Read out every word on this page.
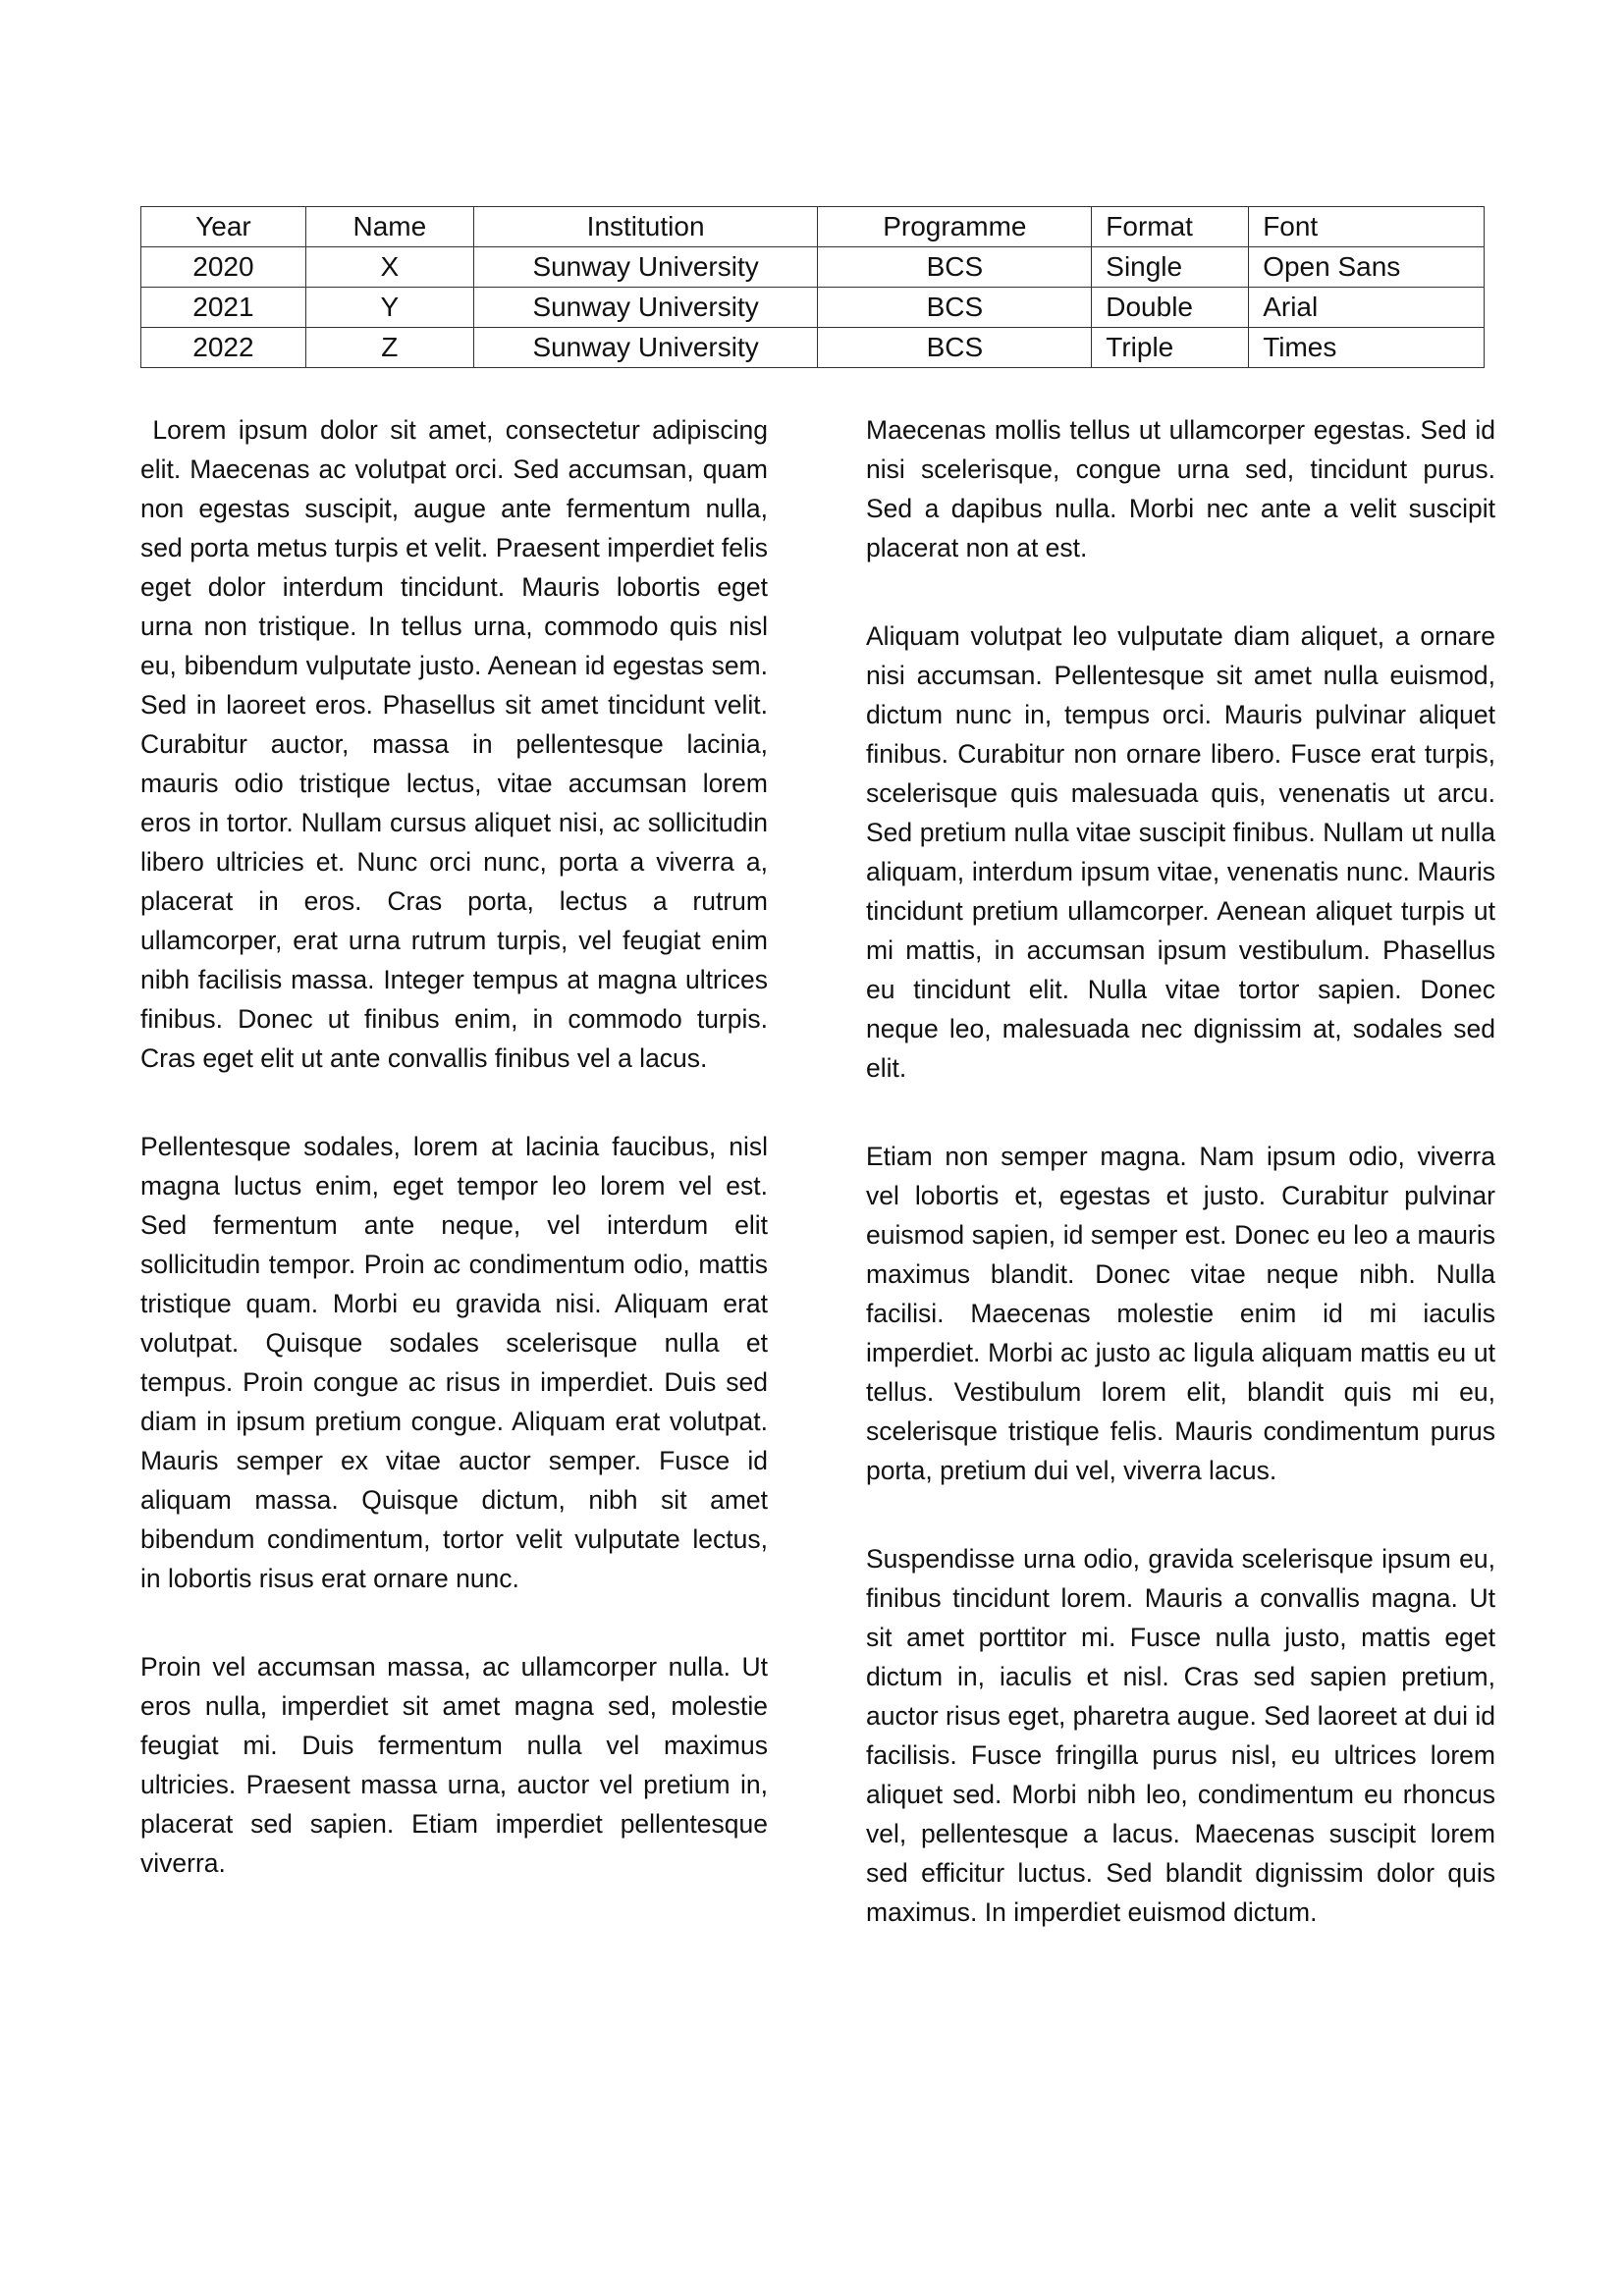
Year	Name	Institution	Programme	Format	Font
2020	X	Sunway University	BCS	Single	Open Sans
2021	Y	Sunway University	BCS	Double	Arial
2022	Z	Sunway University	BCS	Triple	Times

Lorem ipsum dolor sit amet, consectetur adipiscing elit. Maecenas ac volutpat orci. Sed accumsan, quam non egestas suscipit, augue ante fermentum nulla, sed porta metus turpis et velit. Praesent imperdiet felis eget dolor interdum tincidunt. Mauris lobortis eget urna non tristique. In tellus urna, commodo quis nisl eu, bibendum vulputate justo. Aenean id egestas sem. Sed in laoreet eros. Phasellus sit amet tincidunt velit. Curabitur auctor, massa in pellentesque lacinia, mauris odio tristique lectus, vitae accumsan lorem eros in tortor. Nullam cursus aliquet nisi, ac sollicitudin libero ultricies et. Nunc orci nunc, porta a viverra a, placerat in eros. Cras porta, lectus a rutrum ullamcorper, erat urna rutrum turpis, vel feugiat enim nibh facilisis massa. Integer tempus at magna ultrices finibus. Donec ut finibus enim, in commodo turpis. Cras eget elit ut ante convallis finibus vel a lacus.

Pellentesque sodales, lorem at lacinia faucibus, nisl magna luctus enim, eget tempor leo lorem vel est. Sed fermentum ante neque, vel interdum elit sollicitudin tempor. Proin ac condimentum odio, mattis tristique quam. Morbi eu gravida nisi. Aliquam erat volutpat. Quisque sodales scelerisque nulla et tempus. Proin congue ac risus in imperdiet. Duis sed diam in ipsum pretium congue. Aliquam erat volutpat. Mauris semper ex vitae auctor semper. Fusce id aliquam massa. Quisque dictum, nibh sit amet bibendum condimentum, tortor velit vulputate lectus, in lobortis risus erat ornare nunc.

Proin vel accumsan massa, ac ullamcorper nulla. Ut eros nulla, imperdiet sit amet magna sed, molestie feugiat mi. Duis fermentum nulla vel maximus ultricies. Praesent massa urna, auctor vel pretium in, placerat sed sapien. Etiam imperdiet pellentesque viverra.

Maecenas mollis tellus ut ullamcorper egestas. Sed id nisi scelerisque, congue urna sed, tincidunt purus. Sed a dapibus nulla. Morbi nec ante a velit suscipit placerat non at est.

Aliquam volutpat leo vulputate diam aliquet, a ornare nisi accumsan. Pellentesque sit amet nulla euismod, dictum nunc in, tempus orci. Mauris pulvinar aliquet finibus. Curabitur non ornare libero. Fusce erat turpis, scelerisque quis malesuada quis, venenatis ut arcu. Sed pretium nulla vitae suscipit finibus. Nullam ut nulla aliquam, interdum ipsum vitae, venenatis nunc. Mauris tincidunt pretium ullamcorper. Aenean aliquet turpis ut mi mattis, in accumsan ipsum vestibulum. Phasellus eu tincidunt elit. Nulla vitae tortor sapien. Donec neque leo, malesuada nec dignissim at, sodales sed elit.

Etiam non semper magna. Nam ipsum odio, viverra vel lobortis et, egestas et justo. Curabitur pulvinar euismod sapien, id semper est. Donec eu leo a mauris maximus blandit. Donec vitae neque nibh. Nulla facilisi. Maecenas molestie enim id mi iaculis imperdiet. Morbi ac justo ac ligula aliquam mattis eu ut tellus. Vestibulum lorem elit, blandit quis mi eu, scelerisque tristique felis. Mauris condimentum purus porta, pretium dui vel, viverra lacus.

Suspendisse urna odio, gravida scelerisque ipsum eu, finibus tincidunt lorem. Mauris a convallis magna. Ut sit amet porttitor mi. Fusce nulla justo, mattis eget dictum in, iaculis et nisl. Cras sed sapien pretium, auctor risus eget, pharetra augue. Sed laoreet at dui id facilisis. Fusce fringilla purus nisl, eu ultrices lorem aliquet sed. Morbi nibh leo, condimentum eu rhoncus vel, pellentesque a lacus. Maecenas suscipit lorem sed efficitur luctus. Sed blandit dignissim dolor quis maximus. In imperdiet euismod dictum.
